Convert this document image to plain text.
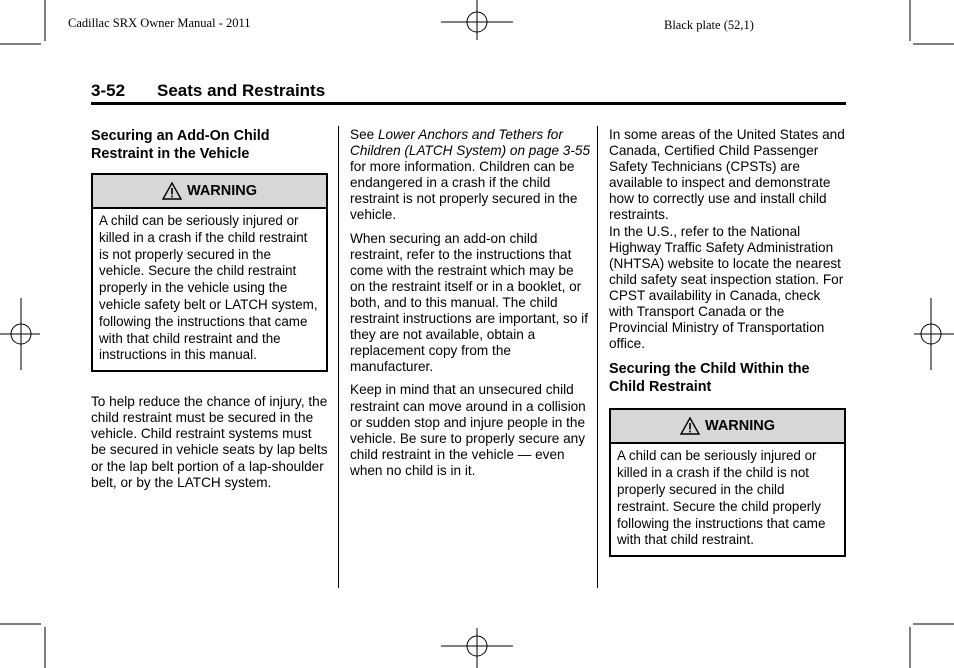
Cadillac SRX Owner Manual - 2011	Black plate (52,1)
3-52 Seats and Restraints
Securing an Add-On Child Restraint in the Vehicle
WARNING
A child can be seriously injured or killed in a crash if the child restraint is not properly secured in the vehicle. Secure the child restraint properly in the vehicle using the vehicle safety belt or LATCH system, following the instructions that came with that child restraint and the instructions in this manual.

To help reduce the chance of injury, the child restraint must be secured in the vehicle. Child restraint systems must be secured in vehicle seats by lap belts or the lap belt portion of a lap-shoulder belt, or by the LATCH system.

See Lower Anchors and Tethers for Children (LATCH System) on page 3-55 for more information. Children can be endangered in a crash if the child restraint is not properly secured in the vehicle.

When securing an add-on child restraint, refer to the instructions that come with the restraint which may be on the restraint itself or in a booklet, or both, and to this manual. The child restraint instructions are important, so if they are not available, obtain a replacement copy from the manufacturer.

Keep in mind that an unsecured child restraint can move around in a collision or sudden stop and injure people in the vehicle. Be sure to properly secure any child restraint in the vehicle — even when no child is in it.

In some areas of the United States and Canada, Certified Child Passenger Safety Technicians (CPSTs) are available to inspect and demonstrate how to correctly use and install child restraints.

In the U.S., refer to the National Highway Traffic Safety Administration (NHTSA) website to locate the nearest child safety seat inspection station. For CPST availability in Canada, check with Transport Canada or the Provincial Ministry of Transportation office.

Securing the Child Within the Child Restraint
WARNING
A child can be seriously injured or killed in a crash if the child is not properly secured in the child restraint. Secure the child properly following the instructions that came with that child restraint.
